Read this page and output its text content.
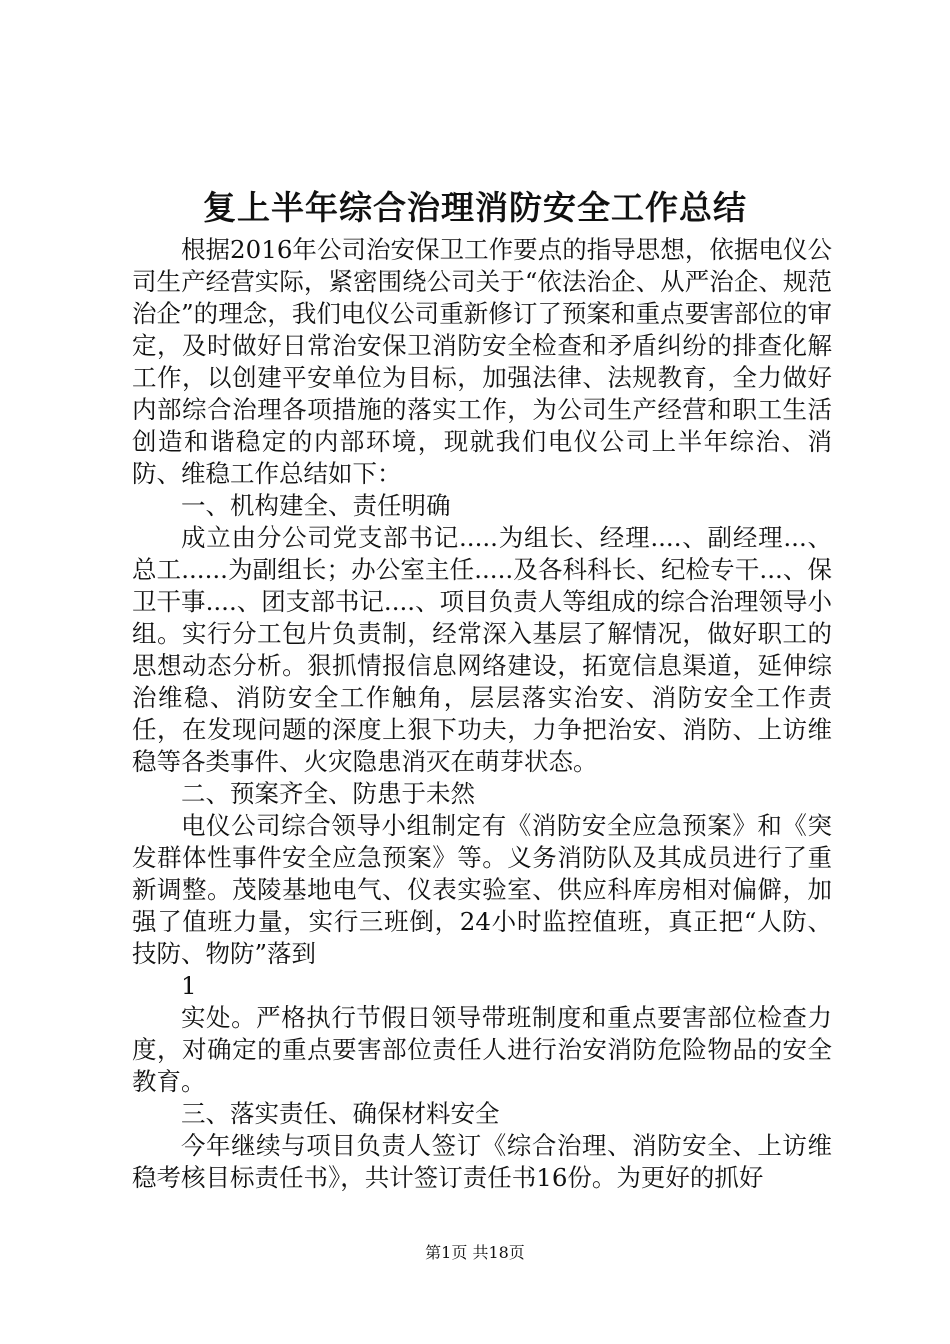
复上半年综合治理消防安全工作总结

根据2016年公司治安保卫工作要点的指导思想，依据电仪公司生产经营实际，紧密围绕公司关于“依法治企、从严治企、规范治企”的理念，我们电仪公司重新修订了预案和重点要害部位的审定，及时做好日常治安保卫消防安全检查和矛盾纠纷的排查化解工作，以创建平安单位为目标，加强法律、法规教育，全力做好内部综合治理各项措施的落实工作，为公司生产经营和职工生活创造和谐稳定的内部环境，现就我们电仪公司上半年综治、消防、维稳工作总结如下：

一、机构建全、责任明确

成立由分公司党支部书记.....为组长、经理....、副经理...、总工......为副组长；办公室主任.....及各科科长、纪检专干...、保卫干事....、团支部书记....、项目负责人等组成的综合治理领导小组。实行分工包片负责制，经常深入基层了解情况，做好职工的思想动态分析。狠抓情报信息网络建设，拓宽信息渠道，延伸综治维稳、消防安全工作触角，层层落实治安、消防安全工作责任，在发现问题的深度上狠下功夫，力争把治安、消防、上访维稳等各类事件、火灾隐患消灭在萌芽状态。

二、预案齐全、防患于未然

电仪公司综合领导小组制定有《消防安全应急预案》和《突发群体性事件安全应急预案》等。义务消防队及其成员进行了重新调整。茂陵基地电气、仪表实验室、供应科库房相对偏僻，加强了值班力量，实行三班倒，24小时监控值班，真正把“人防、技防、物防”落到

1

实处。严格执行节假日领导带班制度和重点要害部位检查力度，对确定的重点要害部位责任人进行治安消防危险物品的安全教育。

三、落实责任、确保材料安全

今年继续与项目负责人签订《综合治理、消防安全、上访维稳考核目标责任书》，共计签订责任书16份。为更好的抓好

第1页 共18页
